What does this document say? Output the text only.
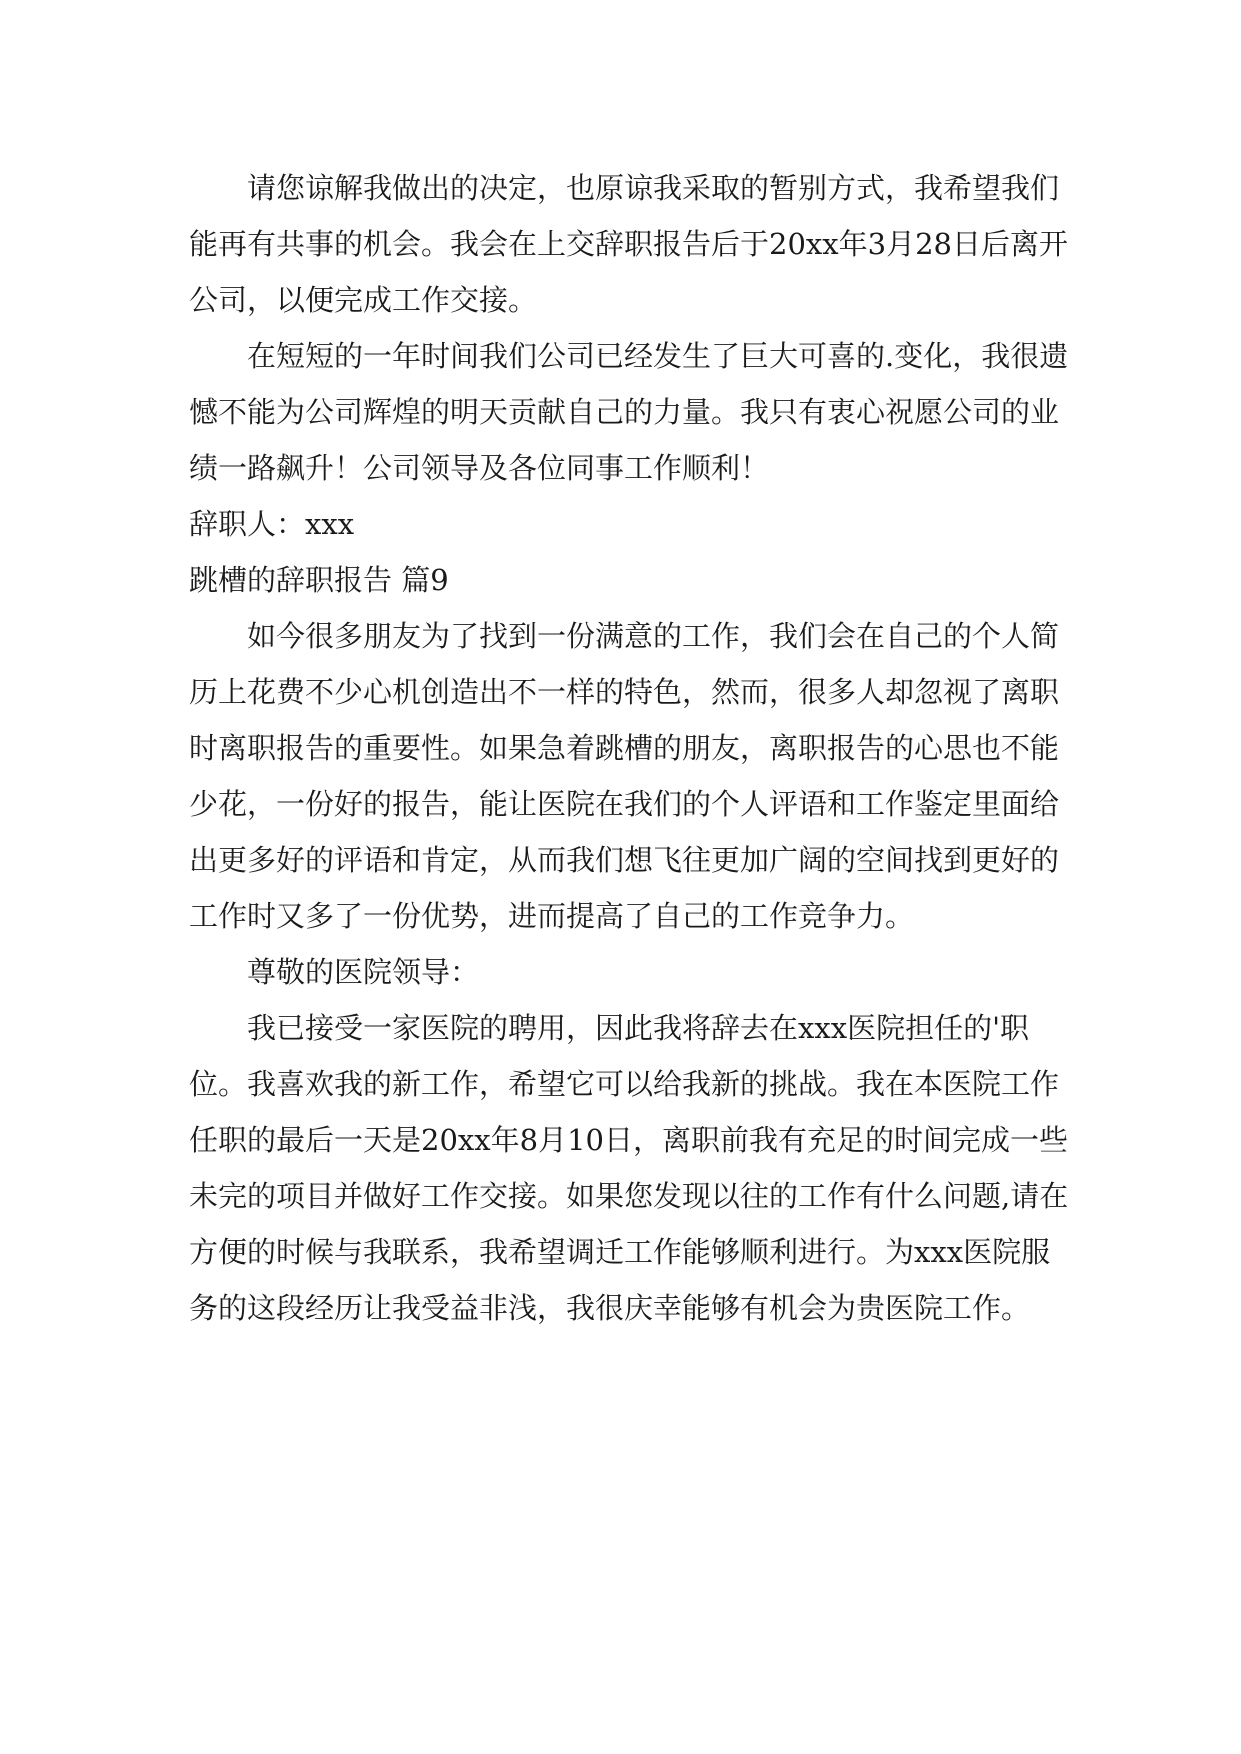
请您谅解我做出的决定，也原谅我采取的暂别方式，我希望我们能再有共事的机会。我会在上交辞职报告后于20xx年3月28日后离开公司，以便完成工作交接。

在短短的一年时间我们公司已经发生了巨大可喜的.变化，我很遗憾不能为公司辉煌的明天贡献自己的力量。我只有衷心祝愿公司的业绩一路飙升！公司领导及各位同事工作顺利！

辞职人：xxx

跳槽的辞职报告 篇9

如今很多朋友为了找到一份满意的工作，我们会在自己的个人简历上花费不少心机创造出不一样的特色，然而，很多人却忽视了离职时离职报告的重要性。如果急着跳槽的朋友，离职报告的心思也不能少花，一份好的报告，能让医院在我们的个人评语和工作鉴定里面给出更多好的评语和肯定，从而我们想飞往更加广阔的空间找到更好的工作时又多了一份优势，进而提高了自己的工作竞争力。

尊敬的医院领导：

我已接受一家医院的聘用，因此我将辞去在xxx医院担任的'职位。我喜欢我的新工作，希望它可以给我新的挑战。我在本医院工作任职的最后一天是20xx年8月10日，离职前我有充足的时间完成一些未完的项目并做好工作交接。如果您发现以往的工作有什么问题,请在方便的时候与我联系，我希望调迁工作能够顺利进行。为xxx医院服务的这段经历让我受益非浅，我很庆幸能够有机会为贵医院工作。
